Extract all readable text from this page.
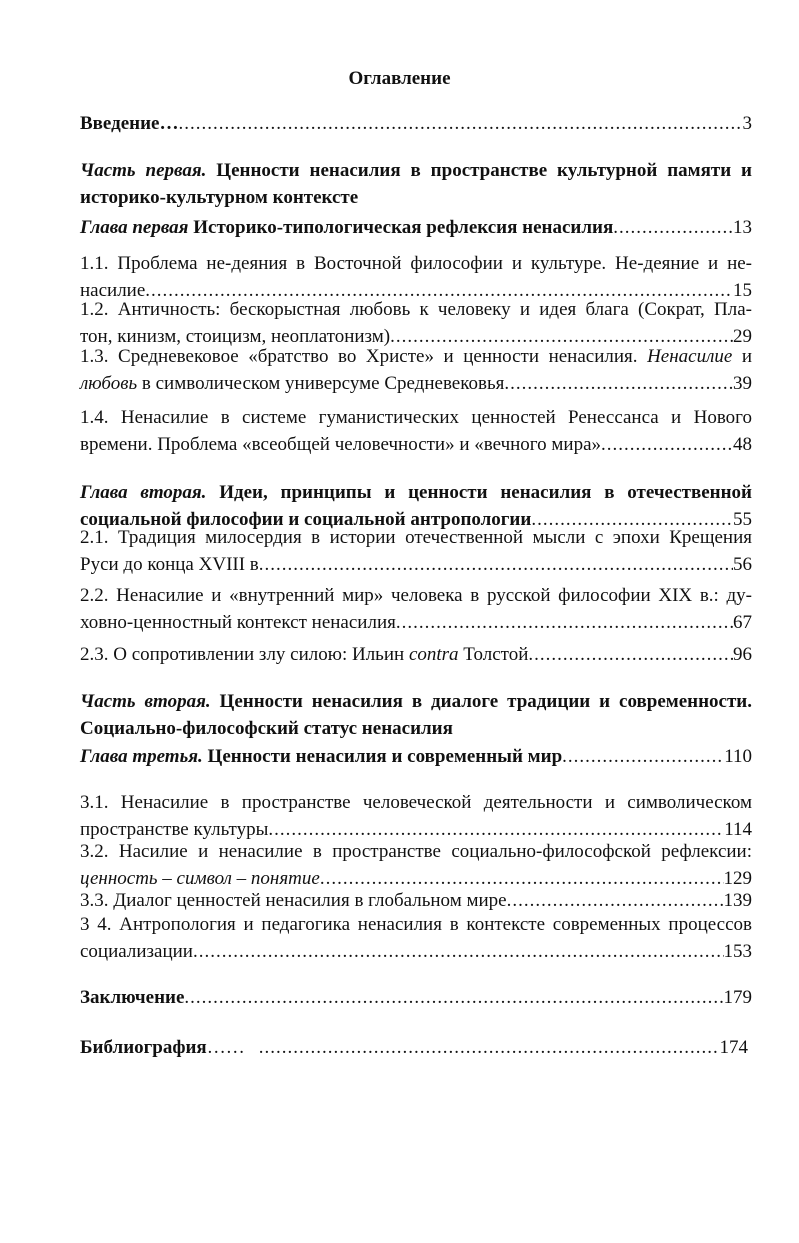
Оглавление
Введение… .....	3
Часть первая. Ценности ненасилия в пространстве культурной памяти и
историко-культурном контексте
Глава первая Историко-типологическая рефлексия ненасилия .....	13
1.1. Проблема не-деяния в Восточной философии и культуре. Не-деяние и не-
насилие .....	15
1.2. Античность: бескорыстная любовь к человеку и идея блага (Сократ, Пла-
тон, кинизм, стоицизм, неоплатонизм) .....	29
1.3. Средневековое «братство во Христе» и ценности ненасилия. Ненасилие и
любовь в символическом универсуме Средневековья .....	39
1.4. Ненасилие в системе гуманистических ценностей Ренессанса и Нового
времени. Проблема «всеобщей человечности» и «вечного мира» .....	48
Глава вторая. Идеи, принципы и ценности ненасилия в отечественной
социальной философии и социальной антропологии .....	55
2.1. Традиция милосердия в истории отечественной мысли с эпохи Крещения
Руси до конца XVIII в .....	56
2.2. Ненасилие и «внутренний мир» человека в русской философии XIX в.: ду-
ховно-ценностный контекст ненасилия .....	67
2.3. О сопротивлении злу силою: Ильин contra Толстой .....	96
Часть вторая. Ценности ненасилия в диалоге традиции и современности.
Социально-философский статус ненасилия
Глава третья. Ценности ненасилия и современный мир .....	110
3.1. Ненасилие в пространстве человеческой деятельности и символическом
пространстве культуры .....	114
3.2. Насилие и ненасилие в пространстве социально-философской рефлексии:
ценность – символ – понятие .....	129
3.3. Диалог ценностей ненасилия в глобальном мире .....	139
3 4. Антропология и педагогика ненасилия в контексте современных процессов
социализации .....	153
Заключение .....	179
Библиография …… .....	174
